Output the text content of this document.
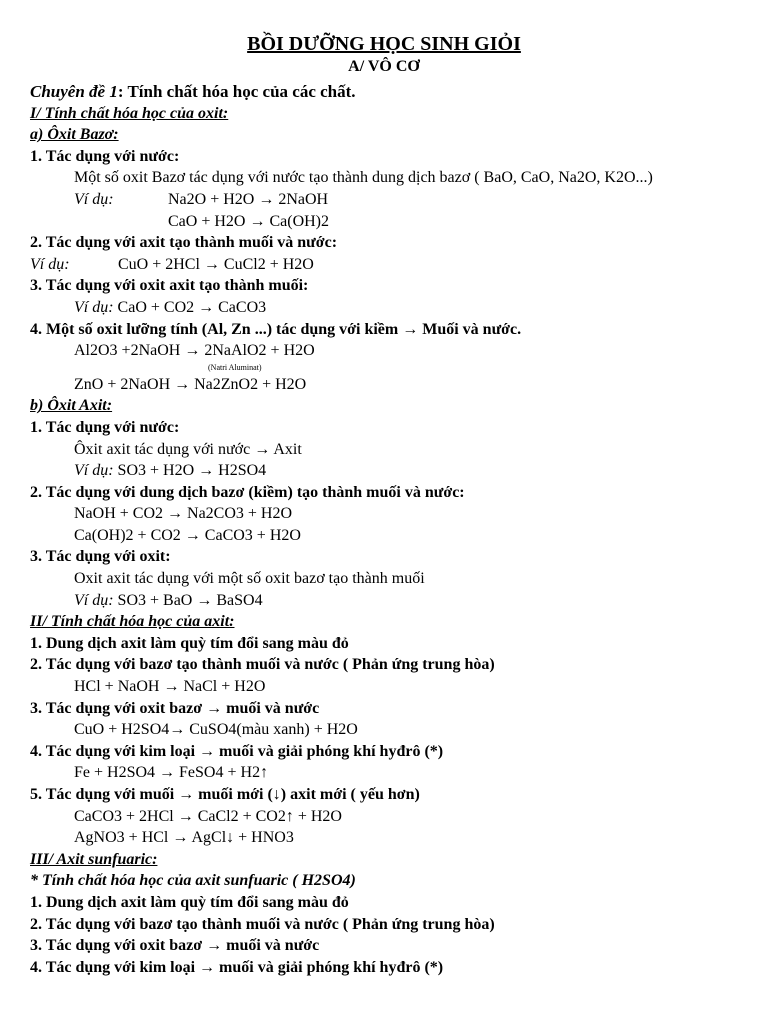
BỒI DƯỠNG HỌC SINH GIỎI
A/ VÔ CƠ
Chuyên đề 1: Tính chất hóa học của các chất.
I/ Tính chất hóa học của oxit:
a) Ôxit Bazơ:
1. Tác dụng với nước:
Một số oxit Bazơ tác dụng với nước tạo thành dung dịch bazơ ( BaO, CaO, Na2O, K2O...)
Ví dụ:	Na2O + H2O → 2NaOH
CaO + H2O → Ca(OH)2
2. Tác dụng với axit tạo thành muối và nước:
Ví dụ:	CuO + 2HCl → CuCl2 + H2O
3. Tác dụng với oxit axit tạo thành muối:
Ví dụ: CaO + CO2 → CaCO3
4. Một số oxit lưỡng tính (Al, Zn ...) tác dụng với kiềm → Muối và nước.
Al2O3 +2NaOH → 2NaAlO2 + H2O
(Natri Aluminat)
ZnO + 2NaOH → Na2ZnO2 + H2O
b) Ôxit Axit:
1. Tác dụng với nước:
Ôxit axit tác dụng với nước → Axit
Ví dụ: SO3 + H2O → H2SO4
2. Tác dụng với dung dịch bazơ (kiềm) tạo thành muối và nước:
NaOH + CO2 → Na2CO3 + H2O
Ca(OH)2 + CO2 → CaCO3 + H2O
3. Tác dụng với oxit:
Oxit axit tác dụng với một số oxit bazơ tạo thành muối
Ví dụ: SO3 + BaO → BaSO4
II/ Tính chất hóa học của axit:
1. Dung dịch axit làm quỳ tím đổi sang màu đỏ
2. Tác dụng với bazơ tạo thành muối và nước ( Phản ứng trung hòa)
HCl + NaOH → NaCl + H2O
3. Tác dụng với oxit bazơ → muối và nước
CuO + H2SO4→ CuSO4(màu xanh) + H2O
4. Tác dụng với kim loại → muối và giải phóng khí hyđrô (*)
Fe + H2SO4 → FeSO4 + H2↑
5. Tác dụng với muối → muối mới (↓) axit mới ( yếu hơn)
CaCO3 + 2HCl → CaCl2 + CO2↑ + H2O
AgNO3 + HCl → AgCl↓ + HNO3
III/ Axit sunfuaric:
* Tính chất hóa học của axit sunfuaric ( H2SO4)
1. Dung dịch axit làm quỳ tím đổi sang màu đỏ
2. Tác dụng với bazơ tạo thành muối và nước ( Phản ứng trung hòa)
3. Tác dụng với oxit bazơ → muối và nước
4. Tác dụng với kim loại → muối và giải phóng khí hyđrô (*)
